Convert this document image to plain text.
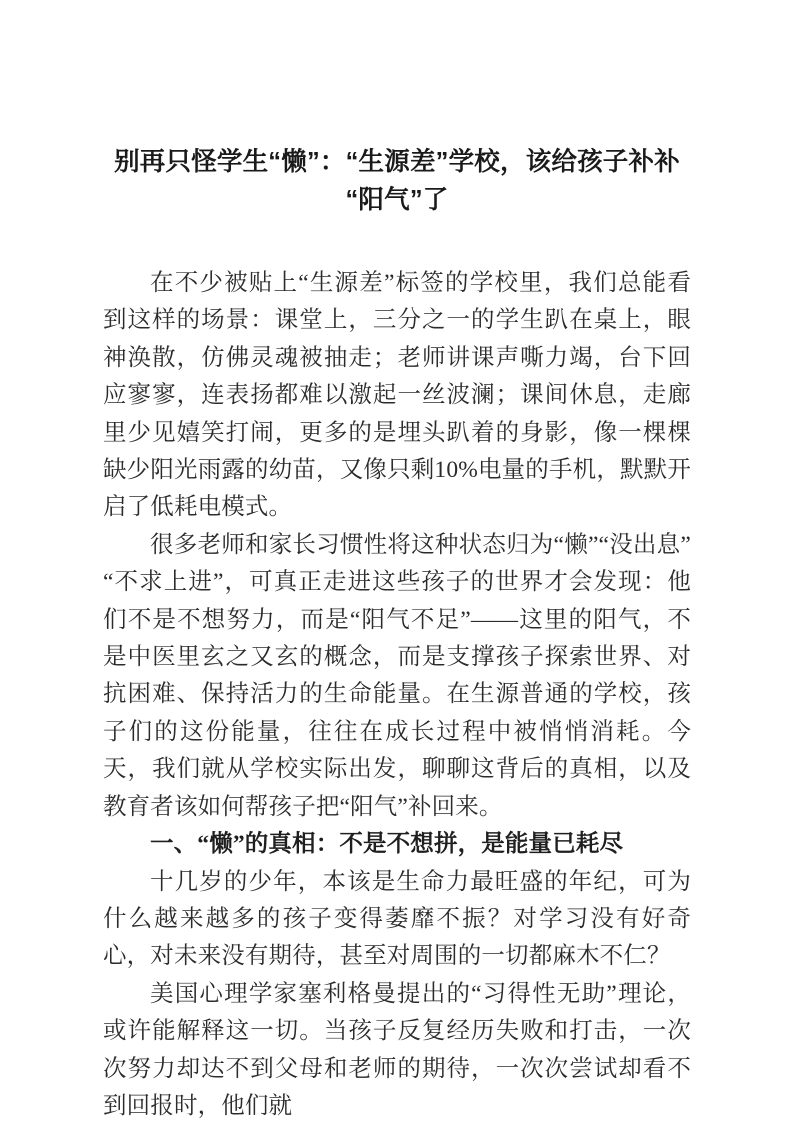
别再只怪学生“懒”：“生源差”学校，该给孩子补补
“阳气”了

在不少被贴上“生源差”标签的学校里，我们总能看到这样的场景：课堂上，三分之一的学生趴在桌上，眼神涣散，仿佛灵魂被抽走；老师讲课声嘶力竭，台下回应寥寥，连表扬都难以激起一丝波澜；课间休息，走廊里少见嬉笑打闹，更多的是埋头趴着的身影，像一棵棵缺少阳光雨露的幼苗，又像只剩10%电量的手机，默默开启了低耗电模式。

很多老师和家长习惯性将这种状态归为“懒”“没出息”“不求上进”，可真正走进这些孩子的世界才会发现：他们不是不想努力，而是“阳气不足”——这里的阳气，不是中医里玄之又玄的概念，而是支撑孩子探索世界、对抗困难、保持活力的生命能量。在生源普通的学校，孩子们的这份能量，往往在成长过程中被悄悄消耗。今天，我们就从学校实际出发，聊聊这背后的真相，以及教育者该如何帮孩子把“阳气”补回来。

一、“懒”的真相：不是不想拼，是能量已耗尽

十几岁的少年，本该是生命力最旺盛的年纪，可为什么越来越多的孩子变得萎靡不振？对学习没有好奇心，对未来没有期待，甚至对周围的一切都麻木不仁？

美国心理学家塞利格曼提出的“习得性无助”理论，或许能解释这一切。当孩子反复经历失败和打击，一次次努力却达不到父母和老师的期待，一次次尝试却看不到回报时，他们就
